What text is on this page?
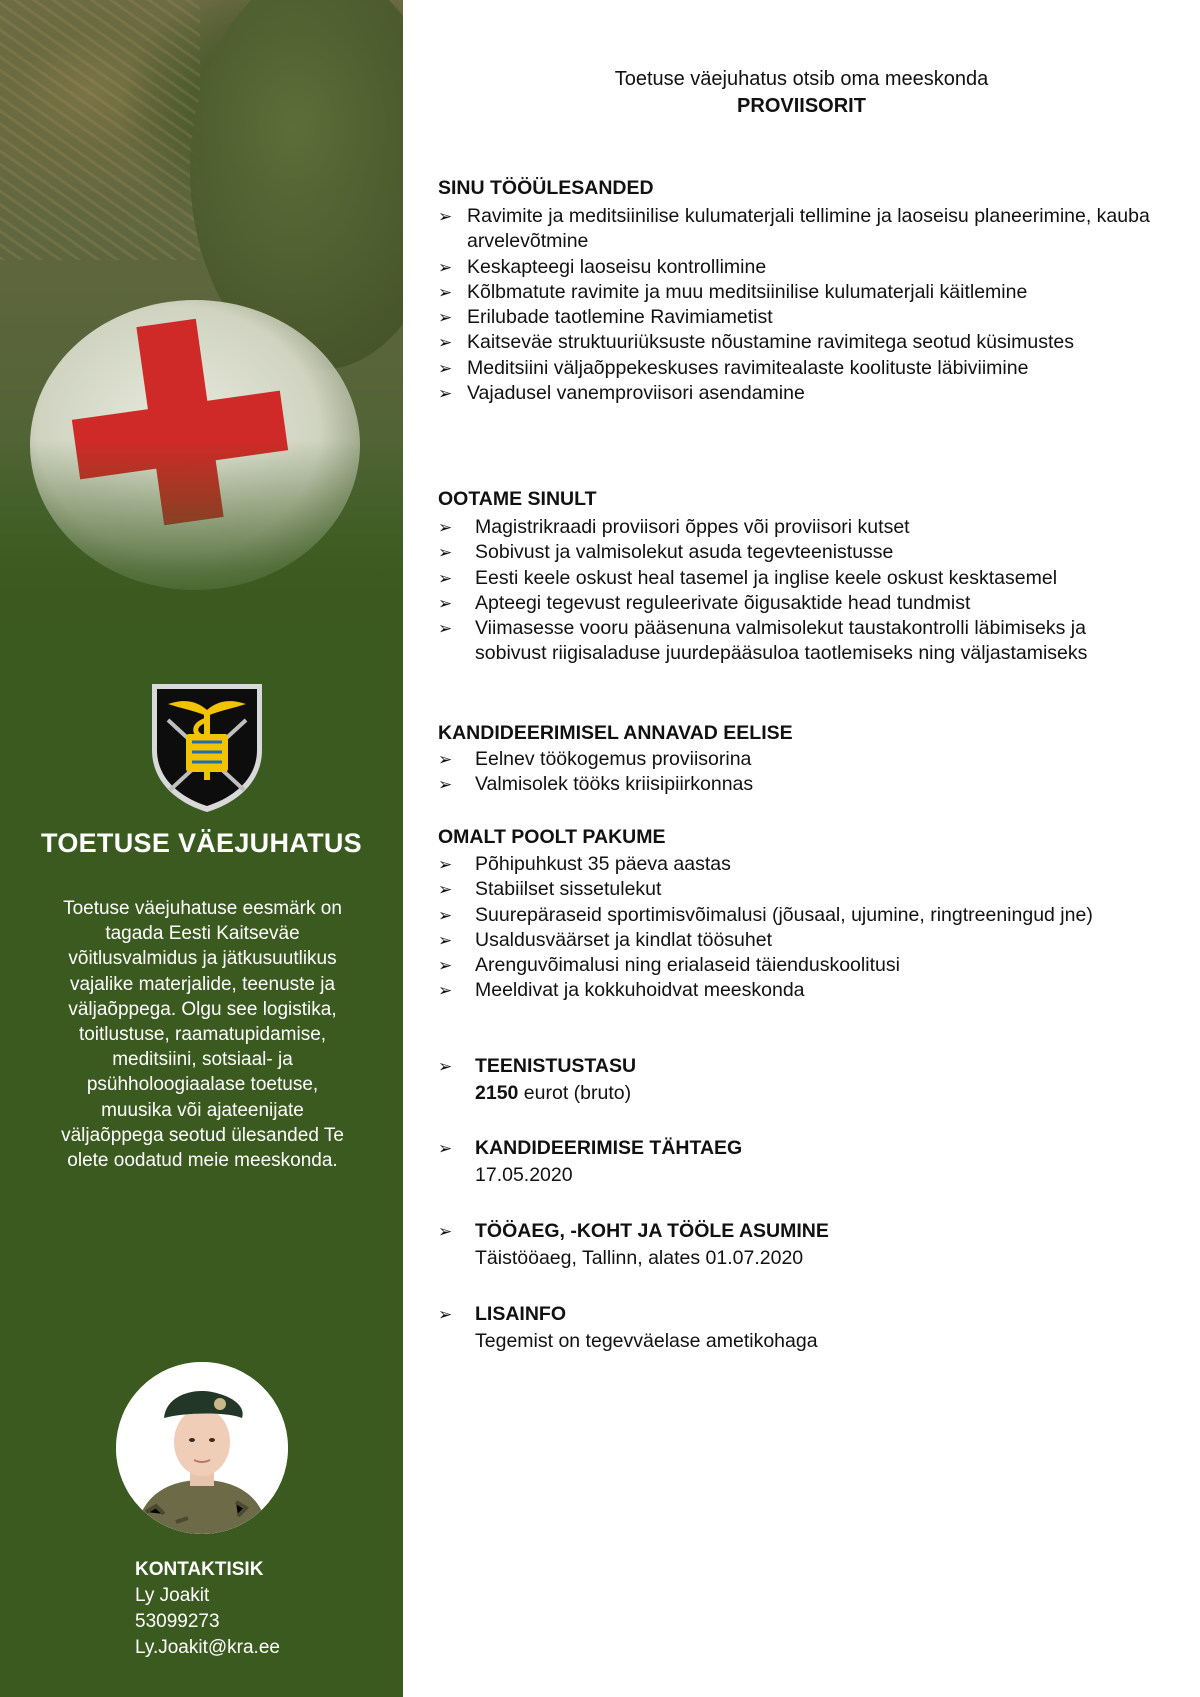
TOETUSE VÄEJUHATUS
Toetuse väejuhatuse eesmärk on tagada Eesti Kaitseväe võitlusvalmidus ja jätkusuutlikus vajalike materjalide, teenuste ja väljaõppega. Olgu see logistika, toitlustuse, raamatupidamise, meditsiini, sotsiaal- ja psühholoogiaalase toetuse, muusika või ajateenijate väljaõppega seotud ülesanded Te olete oodatud meie meeskonda.
KONTAKTISIK
Ly Joakit
53099273
Ly.Joakit@kra.ee
Toetuse väejuhatus otsib oma meeskonda
PROVIISORIT
SINU TÖÖÜLESANDED
➢ Ravimite ja meditsiinilise kulumaterjali tellimine ja laoseisu planeerimine, kauba arvelevõtmine
➢ Keskapteegi laoseisu kontrollimine
➢ Kõlbmatute ravimite ja muu meditsiinilise kulumaterjali käitlemine
➢ Erilubade taotlemine Ravimiametist
➢ Kaitseväe struktuuriüksuste nõustamine ravimitega seotud küsimustes
➢ Meditsiini väljaõppekeskuses ravimitealaste koolituste läbiviimine
➢ Vajadusel vanemproviisori asendamine
OOTAME SINULT
➢ Magistrikraadi proviisori õppes või proviisori kutset
➢ Sobivust ja valmisolekut asuda tegevteenistusse
➢ Eesti keele oskust heal tasemel ja inglise keele oskust kesktasemel
➢ Apteegi tegevust reguleerivate õigusaktide head tundmist
➢ Viimasesse vooru pääsenuna valmisolekut taustakontrolli läbimiseks ja sobivust riigisaladuse juurdepääsuloa taotlemiseks ning väljastamiseks
KANDIDEERIMISEL ANNAVAD EELISE
➢ Eelnev töökogemus proviisorina
➢ Valmisolek tööks kriisipiirkonnas
OMALT POOLT PAKUME
➢ Põhipuhkust 35 päeva aastas
➢ Stabiilset sissetulekut
➢ Suurepäraseid sportimisvõimalusi (jõusaal, ujumine, ringtreeningud jne)
➢ Usaldusväärset ja kindlat töösuhet
➢ Arenguvõimalusi ning erialaseid täienduskoolitusi
➢ Meeldivat ja kokkuhoidvat meeskonda
➢	TEENISTUSTASU
2150 eurot (bruto)
➢	KANDIDEERIMISE TÄHTAEG
17.05.2020
➢	TÖÖAEG, -KOHT JA TÖÖLE ASUMINE
Täistööaeg, Tallinn, alates 01.07.2020
➢	LISAINFO
Tegemist on tegevväelase ametikohaga
